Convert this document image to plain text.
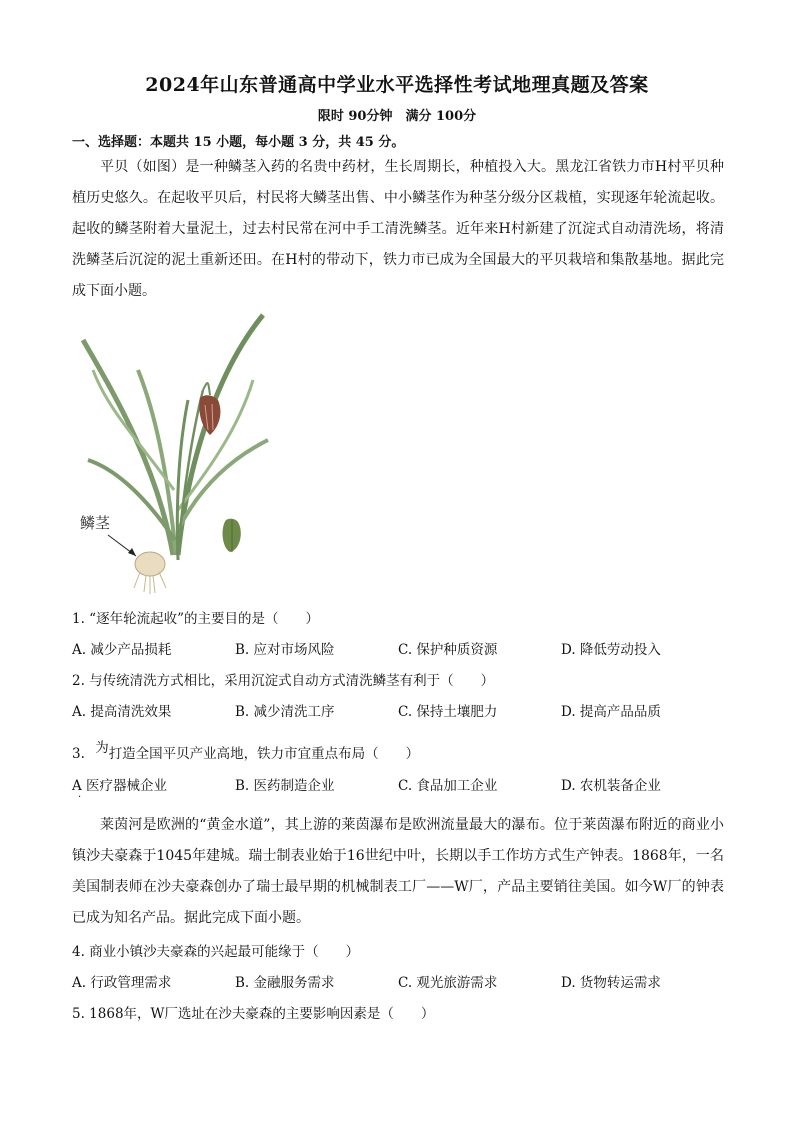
2024年山东普通高中学业水平选择性考试地理真题及答案
限时 90分钟　满分 100分
一、选择题：本题共 15 小题，每小题 3 分，共 45 分。

平贝（如图）是一种鳞茎入药的名贵中药材，生长周期长，种植投入大。黑龙江省铁力市H村平贝种植历史悠久。在起收平贝后，村民将大鳞茎出售、中小鳞茎作为种茎分级分区栽植，实现逐年轮流起收。起收的鳞茎附着大量泥土，过去村民常在河中手工清洗鳞茎。近年来H村新建了沉淀式自动清洗场，将清洗鳞茎后沉淀的泥土重新还田。在H村的带动下，铁力市已成为全国最大的平贝栽培和集散基地。据此完成下面小题。

鳞茎
1. “逐年轮流起收”的主要目的是（　　）
A. 减少产品损耗	B. 应对市场风险	C. 保护种质资源	D. 降低劳动投入
2. 与传统清洗方式相比，采用沉淀式自动方式清洗鳞茎有利于（　　）
A. 提高清洗效果	B. 减少清洗工序	C. 保持土壤肥力	D. 提高产品品质
3. 为打造全国平贝产业高地，铁力市宜重点布局（　　）
A 医疗器械企业	B. 医药制造企业	C. 食品加工企业	D. 农机装备企业
·

莱茵河是欧洲的“黄金水道”，其上游的莱茵瀑布是欧洲流量最大的瀑布。位于莱茵瀑布附近的商业小镇沙夫豪森于1045年建城。瑞士制表业始于16世纪中叶，长期以手工作坊方式生产钟表。1868年，一名美国制表师在沙夫豪森创办了瑞士最早期的机械制表工厂——W厂，产品主要销往美国。如今W厂的钟表已成为知名产品。据此完成下面小题。

4. 商业小镇沙夫豪森的兴起最可能缘于（　　）
A. 行政管理需求	B. 金融服务需求	C. 观光旅游需求	D. 货物转运需求
5. 1868年，W厂选址在沙夫豪森的主要影响因素是（　　）
